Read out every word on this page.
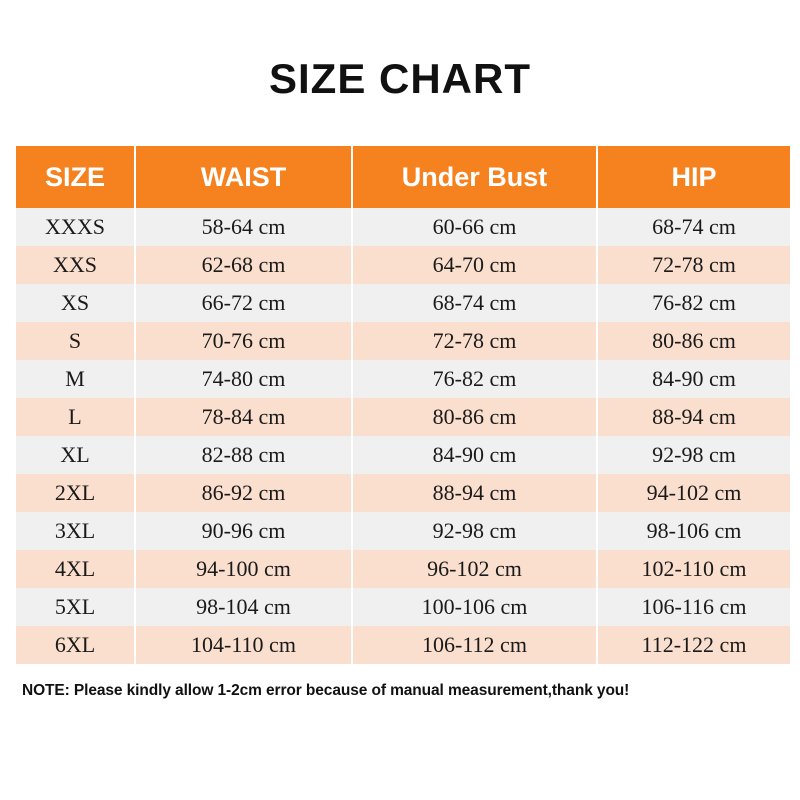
SIZE CHART
SIZE	WAIST	Under Bust	HIP
XXXS	58-64 cm	60-66 cm	68-74 cm
XXS	62-68 cm	64-70 cm	72-78 cm
XS	66-72 cm	68-74 cm	76-82 cm
S	70-76 cm	72-78 cm	80-86 cm
M	74-80 cm	76-82 cm	84-90 cm
L	78-84 cm	80-86 cm	88-94 cm
XL	82-88 cm	84-90 cm	92-98 cm
2XL	86-92 cm	88-94 cm	94-102 cm
3XL	90-96 cm	92-98 cm	98-106 cm
4XL	94-100 cm	96-102 cm	102-110 cm
5XL	98-104 cm	100-106 cm	106-116 cm
6XL	104-110 cm	106-112 cm	112-122 cm
NOTE: Please kindly allow 1-2cm error because of manual measurement,thank you!
